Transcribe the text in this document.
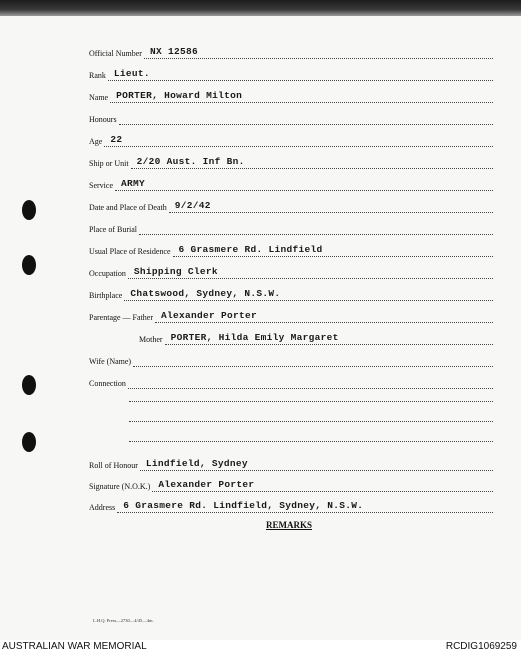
Official Number NX 12586
Rank Lieut.
Name PORTER, Howard Milton
Honours
Age 22
Ship or Unit 2/20 Aust. Inf Bn.
Service ARMY
Date and Place of Death 9/2/42
Place of Burial
Usual Place of Residence 6 Grasmere Rd. Lindfield
Occupation Shipping Clerk
Birthplace Chatswood, Sydney, N.S.W.
Parentage — Father Alexander Porter
Mother PORTER, Hilda Emily Margaret
Wife (Name)
Connection
Roll of Honour Lindfield, Sydney
Signature (N.O.K.) Alexander Porter
Address 6 Grasmere Rd. Lindfield, Sydney, N.S.W.
REMARKS
L.H.Q. Press—2730—4/45—4m.
AUSTRALIAN WAR MEMORIAL	RCDIG1069259
